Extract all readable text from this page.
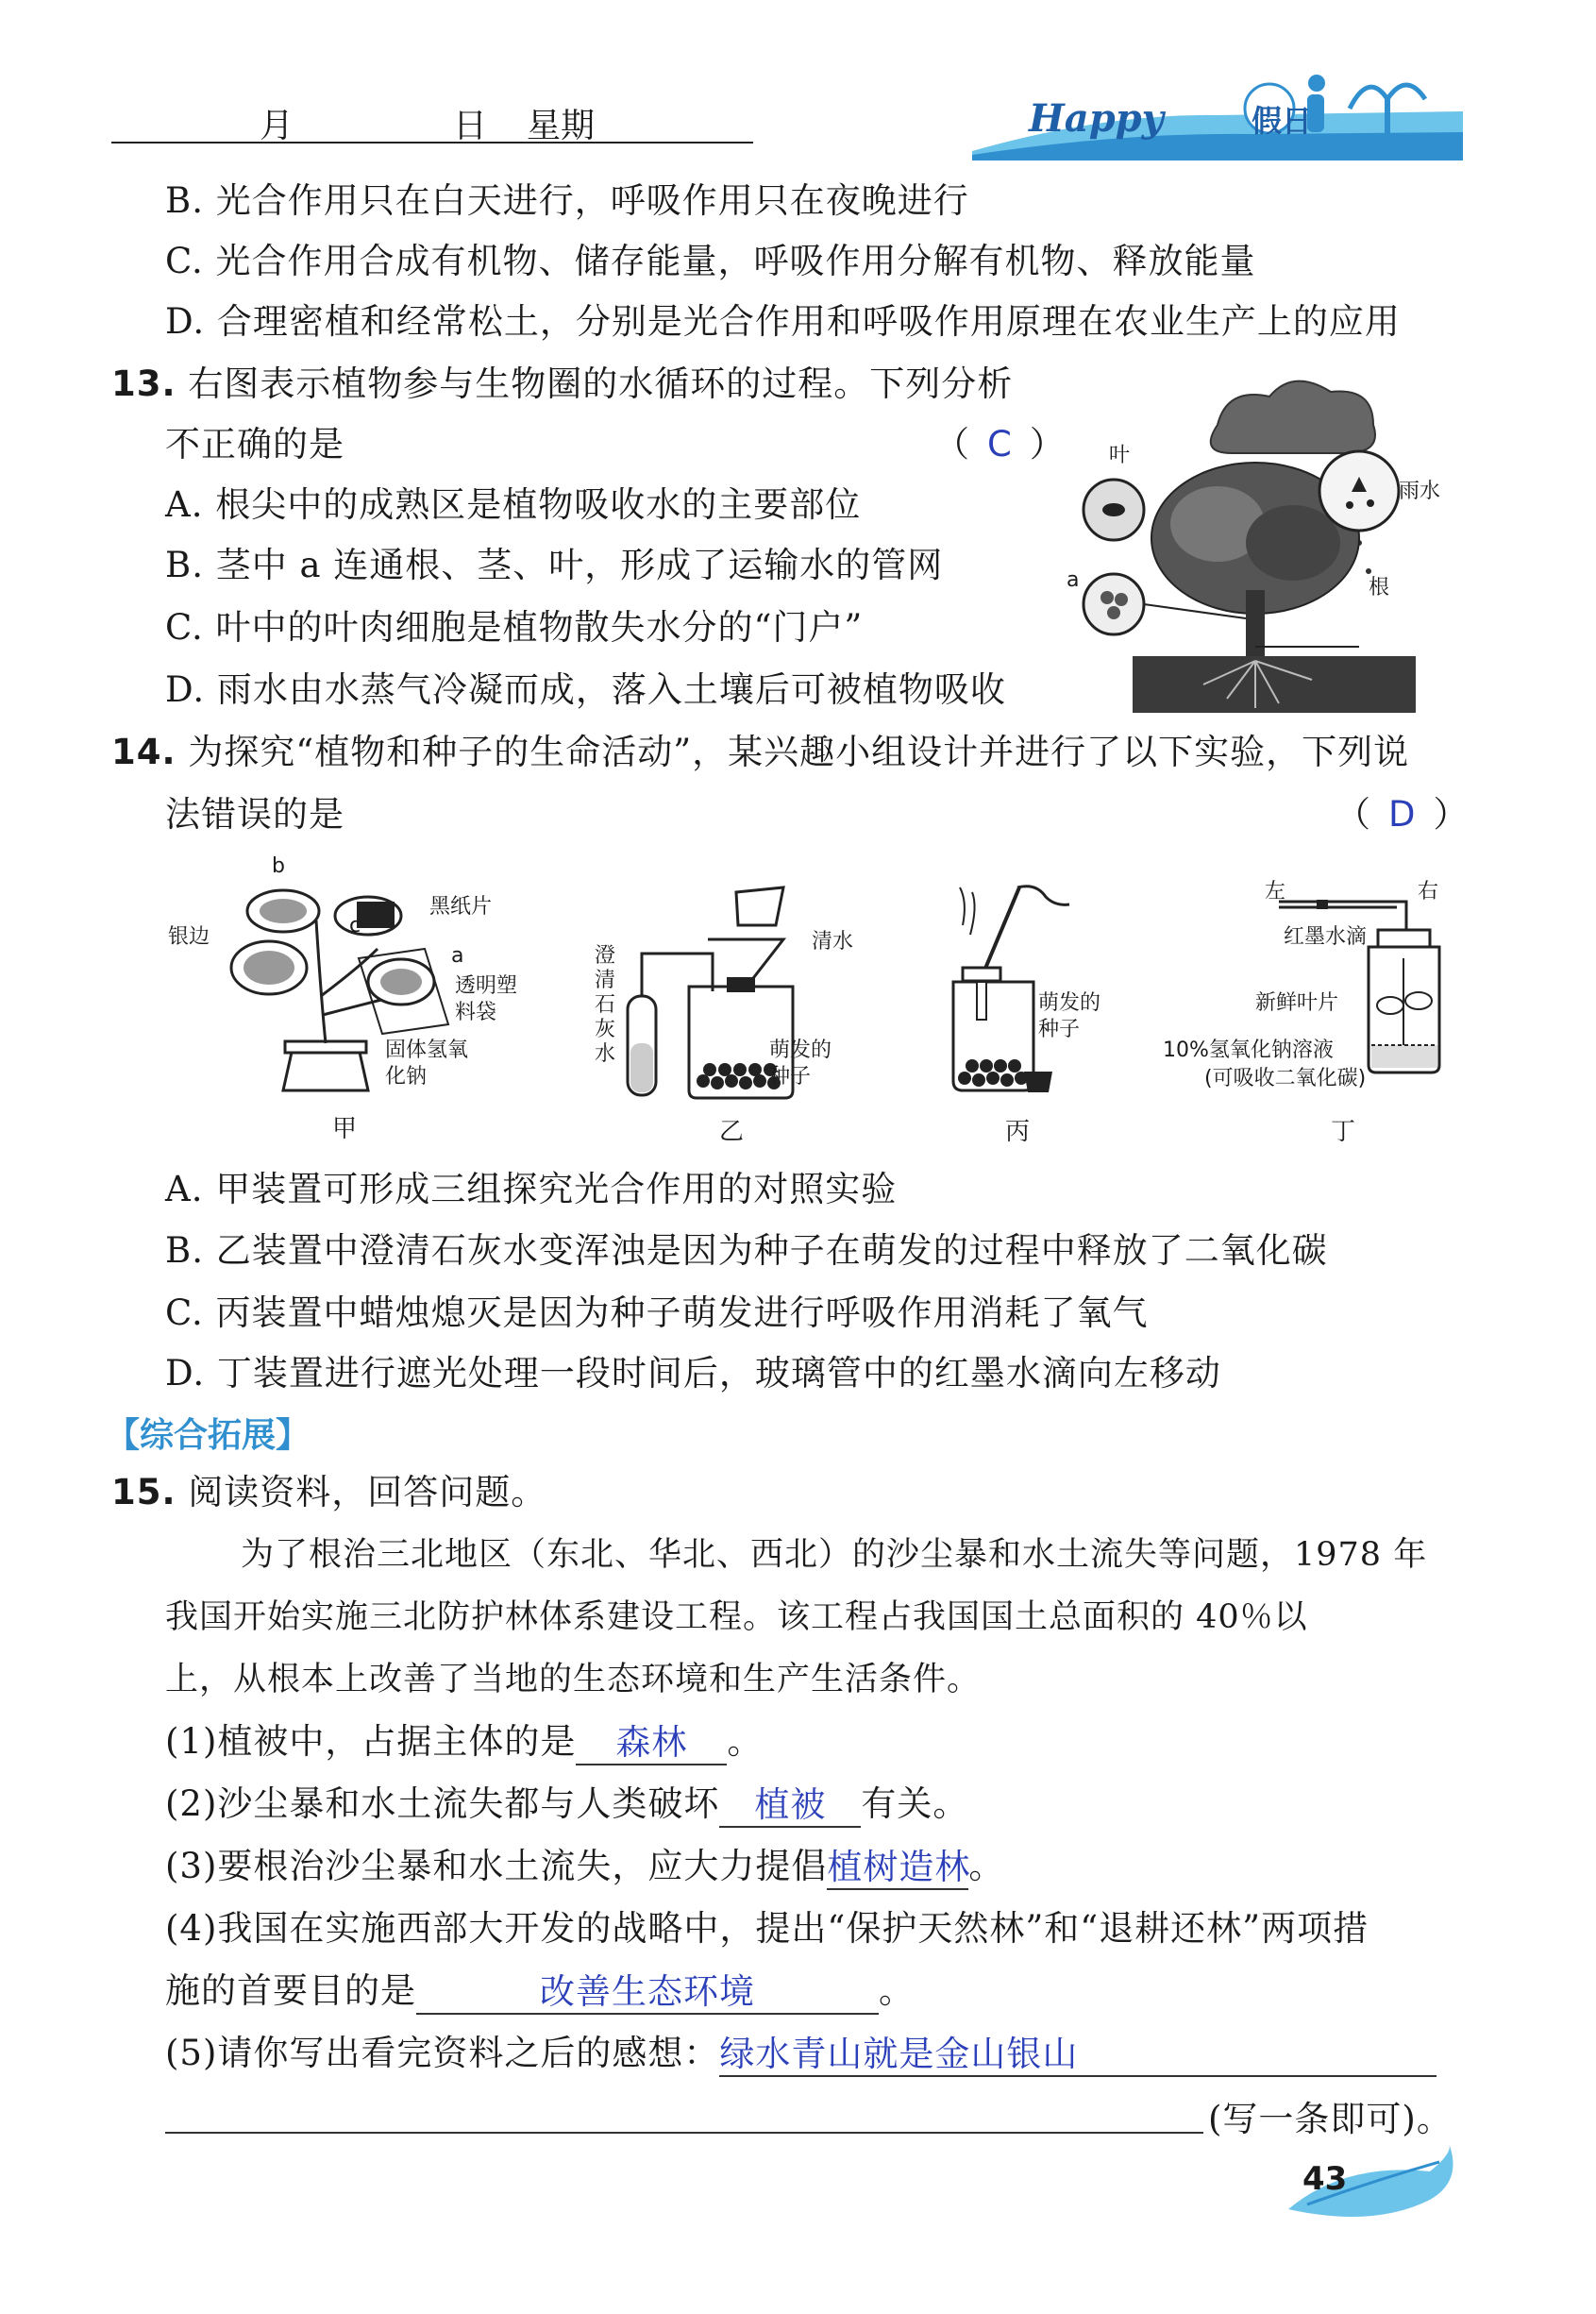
月	日 星期	Happy	假日
B. 光合作用只在白天进行，呼吸作用只在夜晚进行
C. 光合作用合成有机物、储存能量，呼吸作用分解有机物、释放能量
D. 合理密植和经常松土，分别是光合作用和呼吸作用原理在农业生产上的应用
13. 右图表示植物参与生物圈的水循环的过程。下列分析
不正确的是	（ C ）
A. 根尖中的成熟区是植物吸收水的主要部位
B. 茎中 a 连通根、茎、叶，形成了运输水的管网
C. 叶中的叶肉细胞是植物散失水分的“门户”
D. 雨水由水蒸气冷凝而成，落入土壤后可被植物吸收
叶
雨水
a	根
14. 为探究“植物和种子的生命活动”，某兴趣小组设计并进行了以下实验，下列说
法错误的是	（ D ）
b
c
a
银边
黑纸片
透明塑
料袋
固体氢氧
化钠
甲
澄
清
石
灰
水
清水
萌发的
种子
乙
萌发的
种子
丙
左	右
红墨水滴
新鲜叶片
10%氢氧化钠溶液
(可吸收二氧化碳)
丁
A. 甲装置可形成三组探究光合作用的对照实验
B. 乙装置中澄清石灰水变浑浊是因为种子在萌发的过程中释放了二氧化碳
C. 丙装置中蜡烛熄灭是因为种子萌发进行呼吸作用消耗了氧气
D. 丁装置进行遮光处理一段时间后，玻璃管中的红墨水滴向左移动
【综合拓展】
15. 阅读资料，回答问题。
为了根治三北地区（东北、华北、西北）的沙尘暴和水土流失等问题，1978 年
我国开始实施三北防护林体系建设工程。该工程占我国国土总面积的 40％以
上，从根本上改善了当地的生态环境和生产生活条件。
(1)植被中，占据主体的是 森林 。
(2)沙尘暴和水土流失都与人类破坏 植被 有关。
(3)要根治沙尘暴和水土流失，应大力提倡植树造林。
(4)我国在实施西部大开发的战略中，提出“保护天然林”和“退耕还林”两项措
施的首要目的是	改善生态环境	。
(5)请你写出看完资料之后的感想：绿水青山就是金山银山
(写一条即可)。
43
